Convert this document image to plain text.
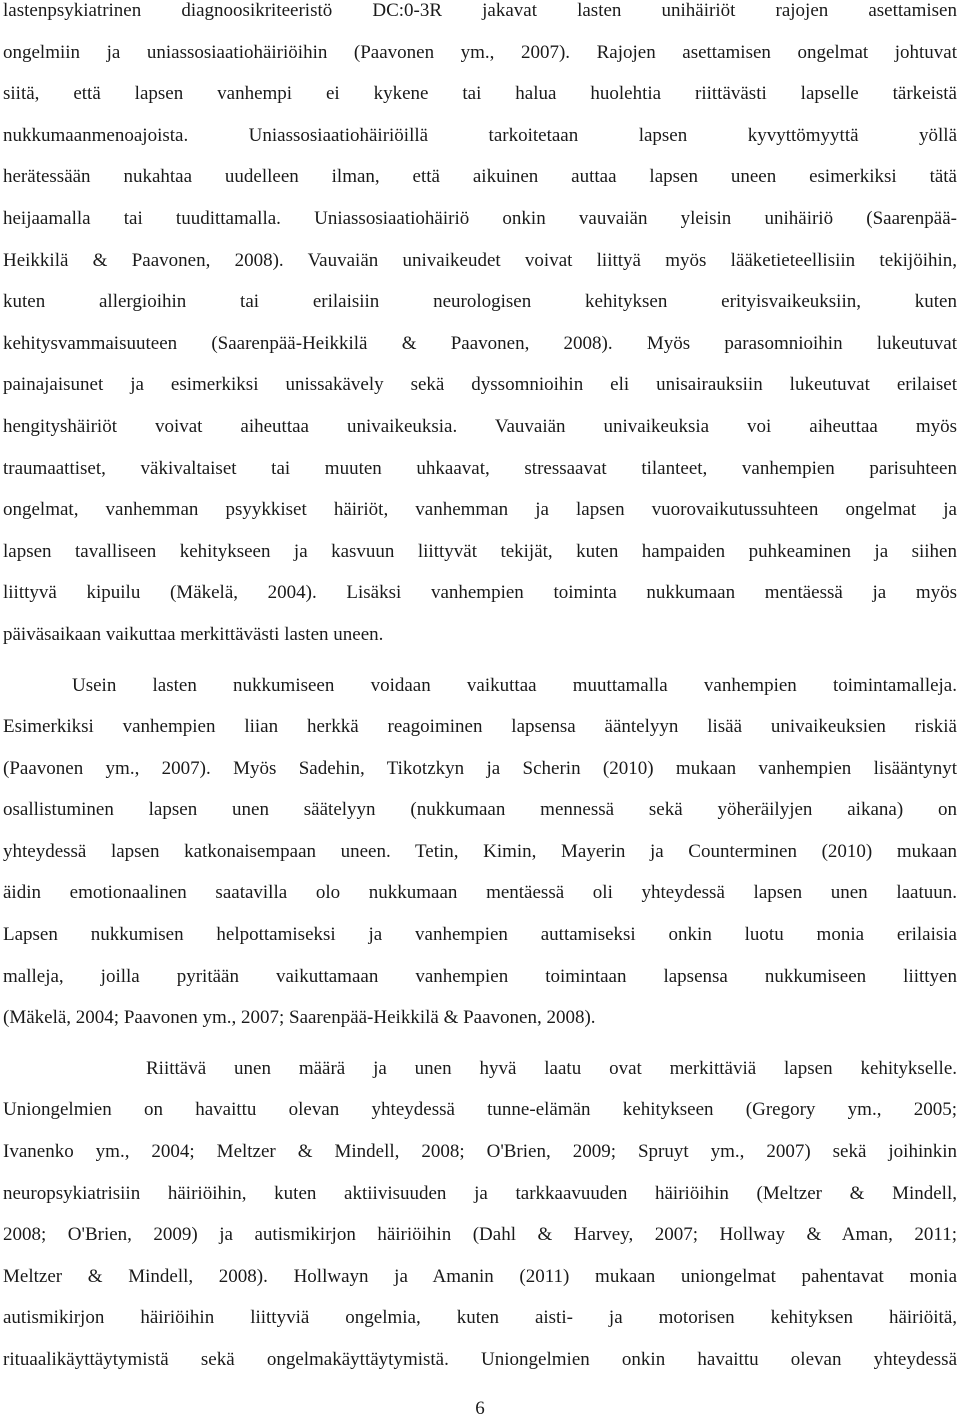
lastenpsykiatrinen diagnoosikriteeristö DC:0-3R jakavat lasten unihäiriöt rajojen asettamisen
ongelmiin ja uniassosiaatiohäiriöihin (Paavonen ym., 2007). Rajojen asettamisen ongelmat johtuvat
siitä, että lapsen vanhempi ei kykene tai halua huolehtia riittävästi lapselle tärkeistä
nukkumaanmenoajoista. Uniassosiaatiohäiriöillä tarkoitetaan lapsen kyvyttömyyttä yöllä
herätessään nukahtaa uudelleen ilman, että aikuinen auttaa lapsen uneen esimerkiksi tätä
heijaamalla tai tuudittamalla. Uniassosiaatiohäiriö onkin vauvaiän yleisin unihäiriö (Saarenpää-
Heikkilä & Paavonen, 2008). Vauvaiän univaikeudet voivat liittyä myös lääketieteellisiin tekijöihin,
kuten allergioihin tai erilaisiin neurologisen kehityksen erityisvaikeuksiin, kuten
kehitysvammaisuuteen (Saarenpää-Heikkilä & Paavonen, 2008). Myös parasomnioihin lukeutuvat
painajaisunet ja esimerkiksi unissakävely sekä dyssomnioihin eli unisairauksiin lukeutuvat erilaiset
hengityshäiriöt voivat aiheuttaa univaikeuksia. Vauvaiän univaikeuksia voi aiheuttaa myös
traumaattiset, väkivaltaiset tai muuten uhkaavat, stressaavat tilanteet, vanhempien parisuhteen
ongelmat, vanhemman psyykkiset häiriöt, vanhemman ja lapsen vuorovaikutussuhteen ongelmat ja
lapsen tavalliseen kehitykseen ja kasvuun liittyvät tekijät, kuten hampaiden puhkeaminen ja siihen
liittyvä kipuilu (Mäkelä, 2004). Lisäksi vanhempien toiminta nukkumaan mentäessä ja myös
päiväsaikaan vaikuttaa merkittävästi lasten uneen.
Usein lasten nukkumiseen voidaan vaikuttaa muuttamalla vanhempien toimintamalleja.
Esimerkiksi vanhempien liian herkkä reagoiminen lapsensa ääntelyyn lisää univaikeuksien riskiä
(Paavonen ym., 2007). Myös Sadehin, Tikotzkyn ja Scherin (2010) mukaan vanhempien lisääntynyt
osallistuminen lapsen unen säätelyyn (nukkumaan mennessä sekä yöheräilyjen aikana) on
yhteydessä lapsen katkonaisempaan uneen. Tetin, Kimin, Mayerin ja Counterminen (2010) mukaan
äidin emotionaalinen saatavilla olo nukkumaan mentäessä oli yhteydessä lapsen unen laatuun.
Lapsen nukkumisen helpottamiseksi ja vanhempien auttamiseksi onkin luotu monia erilaisia
malleja, joilla pyritään vaikuttamaan vanhempien toimintaan lapsensa nukkumiseen liittyen
(Mäkelä, 2004; Paavonen ym., 2007; Saarenpää-Heikkilä & Paavonen, 2008).
Riittävä unen määrä ja unen hyvä laatu ovat merkittäviä lapsen kehitykselle.
Uniongelmien on havaittu olevan yhteydessä tunne-elämän kehitykseen (Gregory ym., 2005;
Ivanenko ym., 2004; Meltzer & Mindell, 2008; O'Brien, 2009; Spruyt ym., 2007) sekä joihinkin
neuropsykiatrisiin häiriöihin, kuten aktiivisuuden ja tarkkaavuuden häiriöihin (Meltzer & Mindell,
2008; O'Brien, 2009) ja autismikirjon häiriöihin (Dahl & Harvey, 2007; Hollway & Aman, 2011;
Meltzer & Mindell, 2008). Hollwayn ja Amanin (2011) mukaan uniongelmat pahentavat monia
autismikirjon häiriöihin liittyviä ongelmia, kuten aisti- ja motorisen kehityksen häiriöitä,
rituaalikäyttäytymistä sekä ongelmakäyttäytymistä. Uniongelmien onkin havaittu olevan yhteydessä
6
